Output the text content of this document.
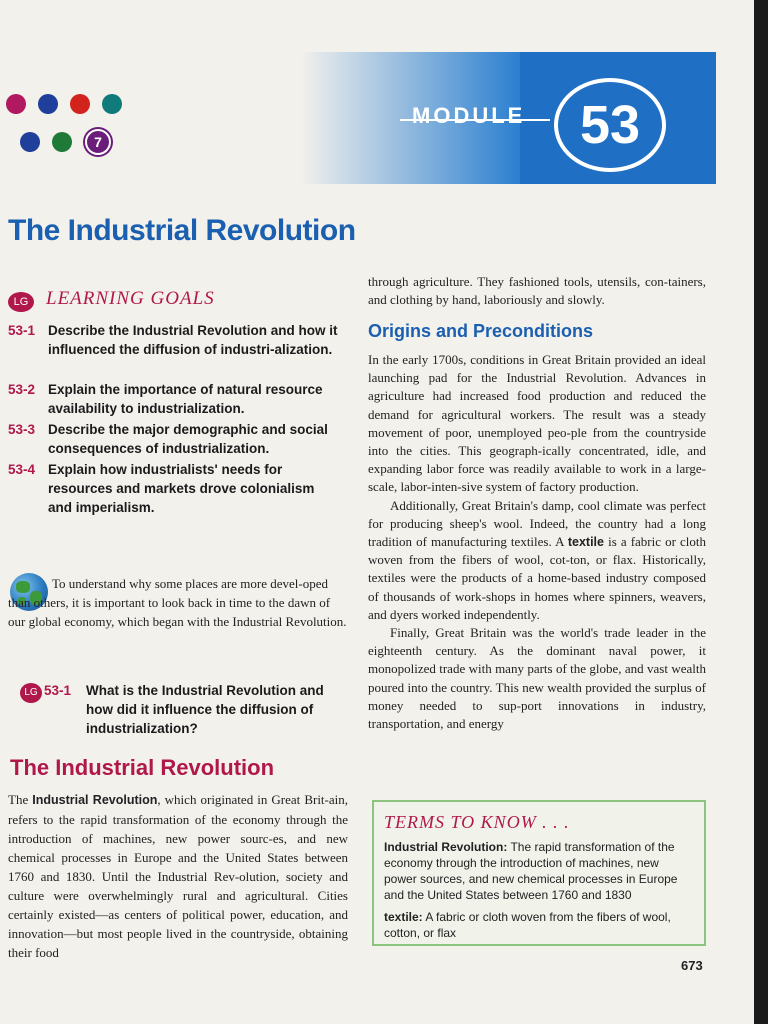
7
MODULE	53
The Industrial Revolution
LG LEARNING GOALS
53-1 Describe the Industrial Revolution and how it influenced the diffusion of industri-alization.
53-2 Explain the importance of natural resource availability to industrialization.
53-3 Describe the major demographic and social consequences of industrialization.
53-4 Explain how industrialists' needs for resources and markets drove colonialism and imperialism.

To understand why some places are more devel-oped than others, it is important to look back in time to the dawn of our global economy, which began with the Industrial Revolution.

LG 53-1 What is the Industrial Revolution and how did it influence the diffusion of industrialization?
The Industrial Revolution

The Industrial Revolution, which originated in Great Brit-ain, refers to the rapid transformation of the economy through the introduction of machines, new power sourc-es, and new chemical processes in Europe and the United States between 1760 and 1830. Until the Industrial Rev-olution, society and culture were overwhelmingly rural and agricultural. Cities certainly existed—as centers of political power, education, and innovation—but most people lived in the countryside, obtaining their food

through agriculture. They fashioned tools, utensils, con-tainers, and clothing by hand, laboriously and slowly.

Origins and Preconditions

In the early 1700s, conditions in Great Britain provided an ideal launching pad for the Industrial Revolution. Advances in agriculture had increased food production and reduced the demand for agricultural workers. The result was a steady movement of poor, unemployed peo-ple from the countryside into the cities. This geograph-ically concentrated, idle, and expanding labor force was readily available to work in a large-scale, labor-inten-sive system of factory production.

Additionally, Great Britain's damp, cool climate was perfect for producing sheep's wool. Indeed, the country had a long tradition of manufacturing textiles. A textile is a fabric or cloth woven from the fibers of wool, cot-ton, or flax. Historically, textiles were the products of a home-based industry composed of thousands of work-shops in homes where spinners, weavers, and dyers worked independently.

Finally, Great Britain was the world's trade leader in the eighteenth century. As the dominant naval power, it monopolized trade with many parts of the globe, and vast wealth poured into the country. This new wealth provided the surplus of money needed to sup-port innovations in industry, transportation, and energy

TERMS TO KNOW . . .

Industrial Revolution: The rapid transformation of the economy through the introduction of machines, new power sources, and new chemical processes in Europe and the United States between 1760 and 1830

textile: A fabric or cloth woven from the fibers of wool, cotton, or flax

673
